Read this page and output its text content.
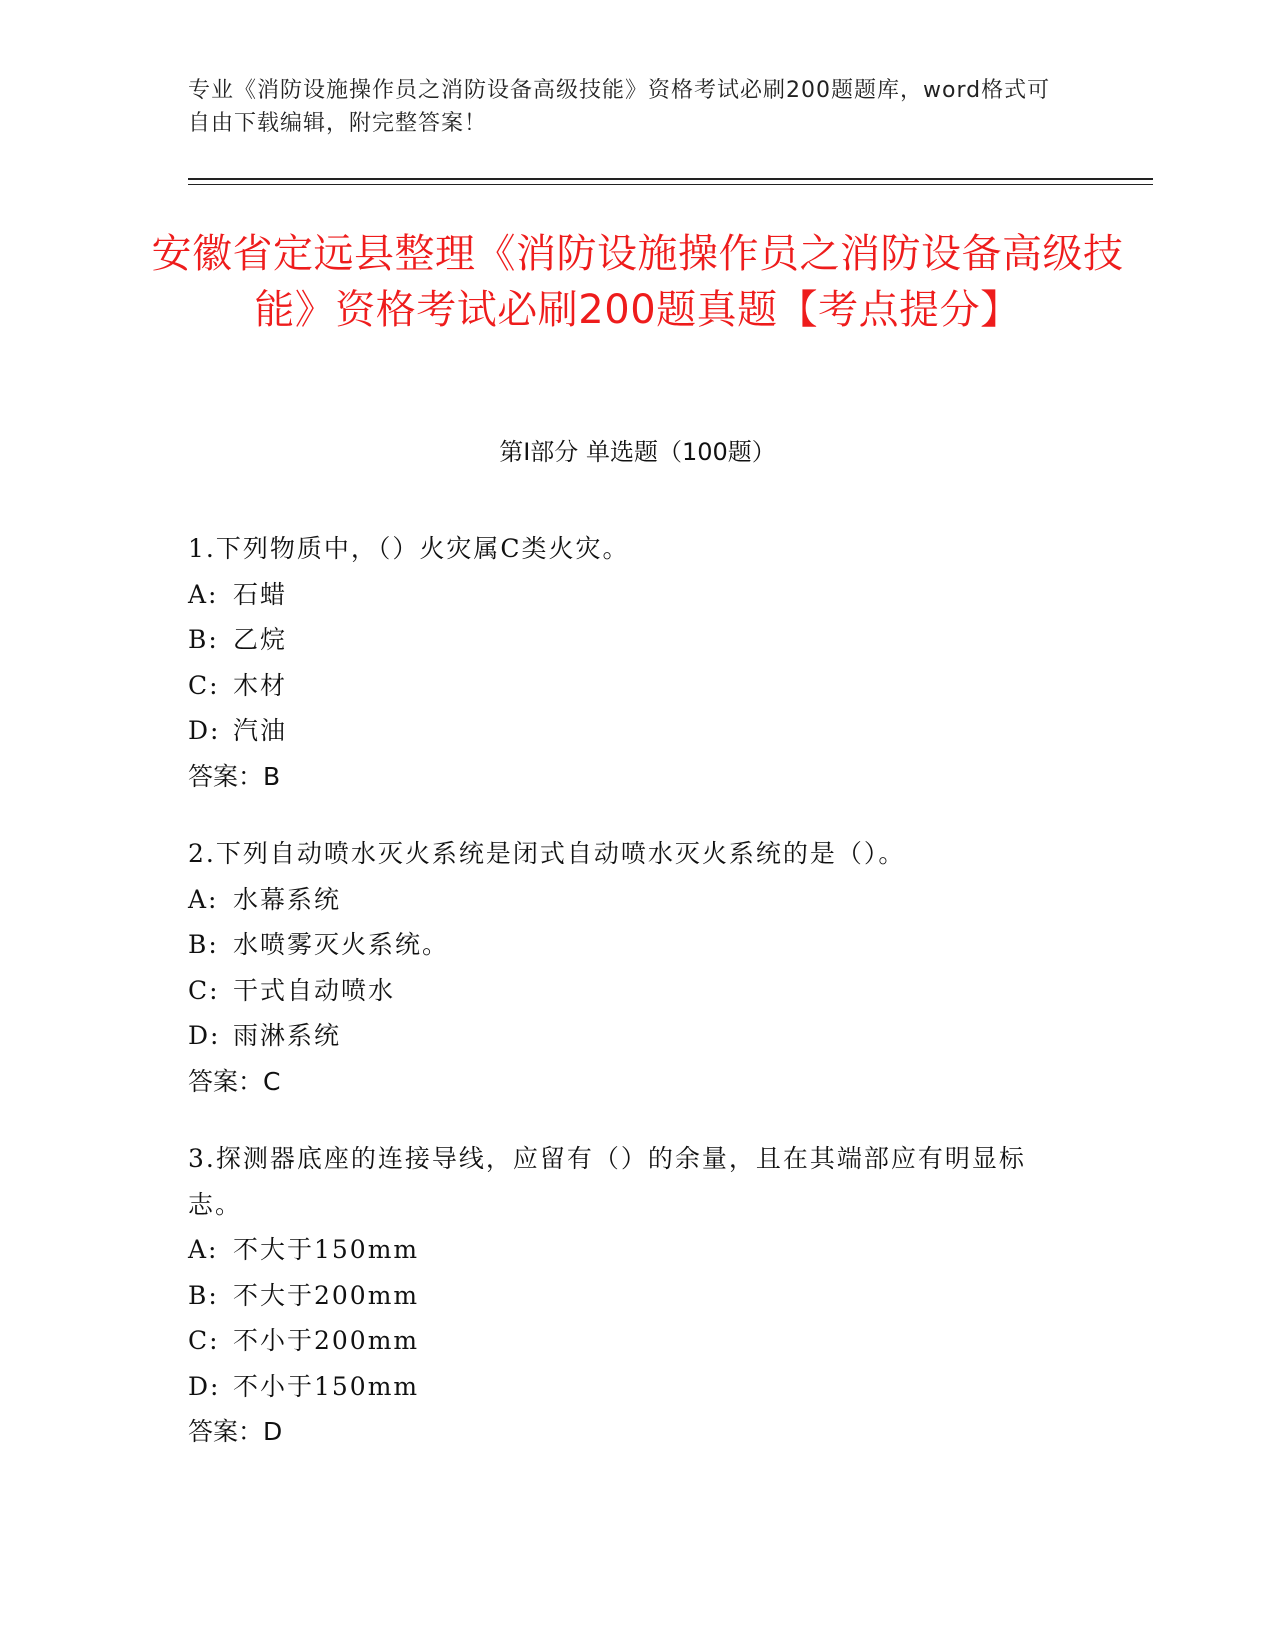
专业《消防设施操作员之消防设备高级技能》资格考试必刷200题题库，word格式可自由下载编辑，附完整答案！
安徽省定远县整理《消防设施操作员之消防设备高级技能》资格考试必刷200题真题【考点提分】
第Ⅰ部分 单选题（100题）
1.下列物质中，（）火灾属C类火灾。
A: 石蜡
B: 乙烷
C: 木材
D: 汽油
答案：B
2.下列自动喷水灭火系统是闭式自动喷水灭火系统的是（）。
A: 水幕系统
B: 水喷雾灭火系统。
C: 干式自动喷水
D: 雨淋系统
答案：C
3.探测器底座的连接导线，应留有（）的余量，且在其端部应有明显标志。
A: 不大于150mm
B: 不大于200mm
C: 不小于200mm
D: 不小于150mm
答案：D
